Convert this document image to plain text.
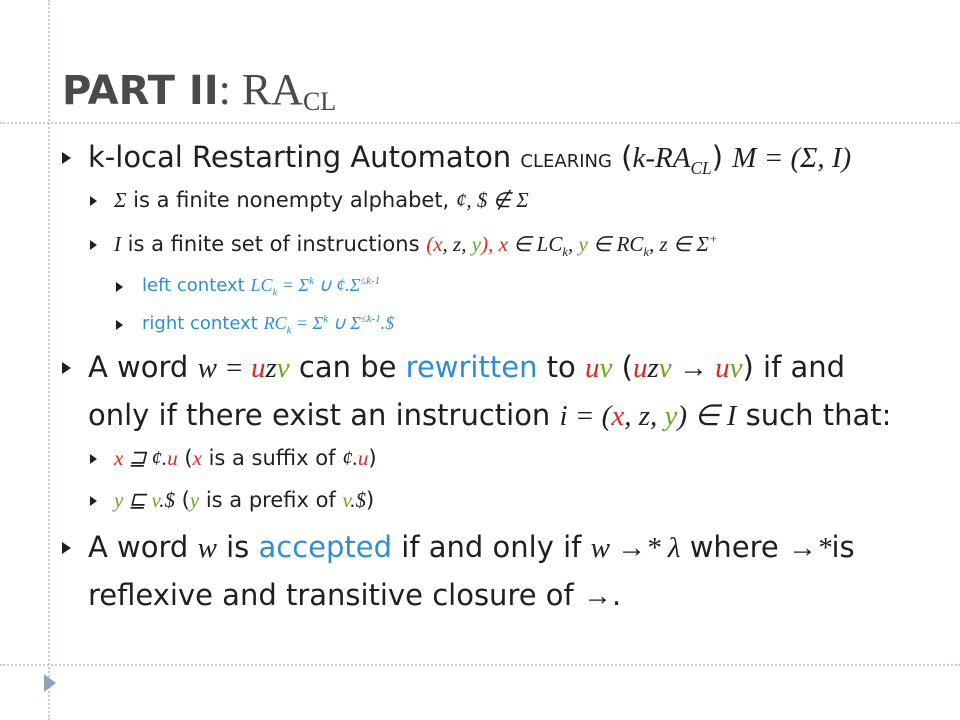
PART II: $RA_{CL}$
k-local Restarting Automaton CLEARING $(k-RA_{CL}) M = (\Sigma$, I)
Σ is a finite nonempty alphabet, ¢, $ ∉ Σ
I is a finite set of instructions (x, z, y), x ∈ $LC_k$, y ∈ $RC_k$, z ∈ Σ+
left context $LC_k = \Sigma^k$ ∪ $¢.\Sigma^{\le k-1}$
right context $RC_k = \Sigma^k$ ∪ $\Sigma^{\le k-1}.\$$
A word w = uzv can be rewritten to uv (uzv → uv) if and
only if there exist an instruction i = (x, z, y) ∈ I such that:
x ⊒ ¢.u (x is a suffix of ¢.u)
y ⊑ v.$ (y is a prefix of v.$)
A word w is accepted if and only if w →* λ where →*is
reflexive and transitive closure of →.
